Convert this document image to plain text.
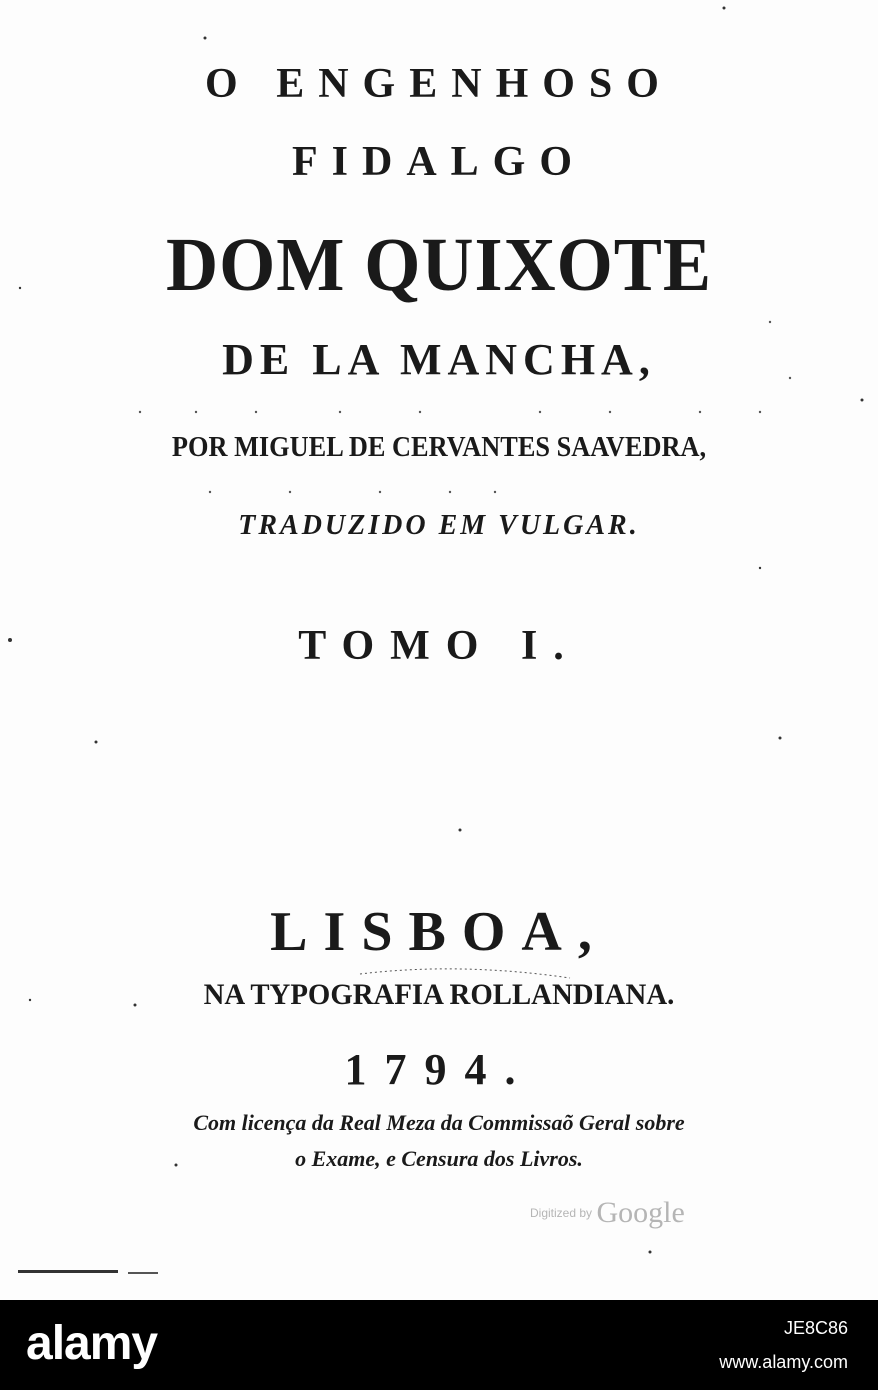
O ENGENHOSO
FIDALGO
DOM QUIXOTE
DE LA MANCHA,
POR MIGUEL DE CERVANTES SAAVEDRA,
TRADUZIDO EM VULGAR.
TOMO I.
LISBOA,
NA TYPOGRAFIA ROLLANDIANA.
1794.
Com licença da Real Meza da Commissaõ Geral sobre
o Exame, e Censura dos Livros.
Digitized by Google
alamy	JE8C86
www.alamy.com
